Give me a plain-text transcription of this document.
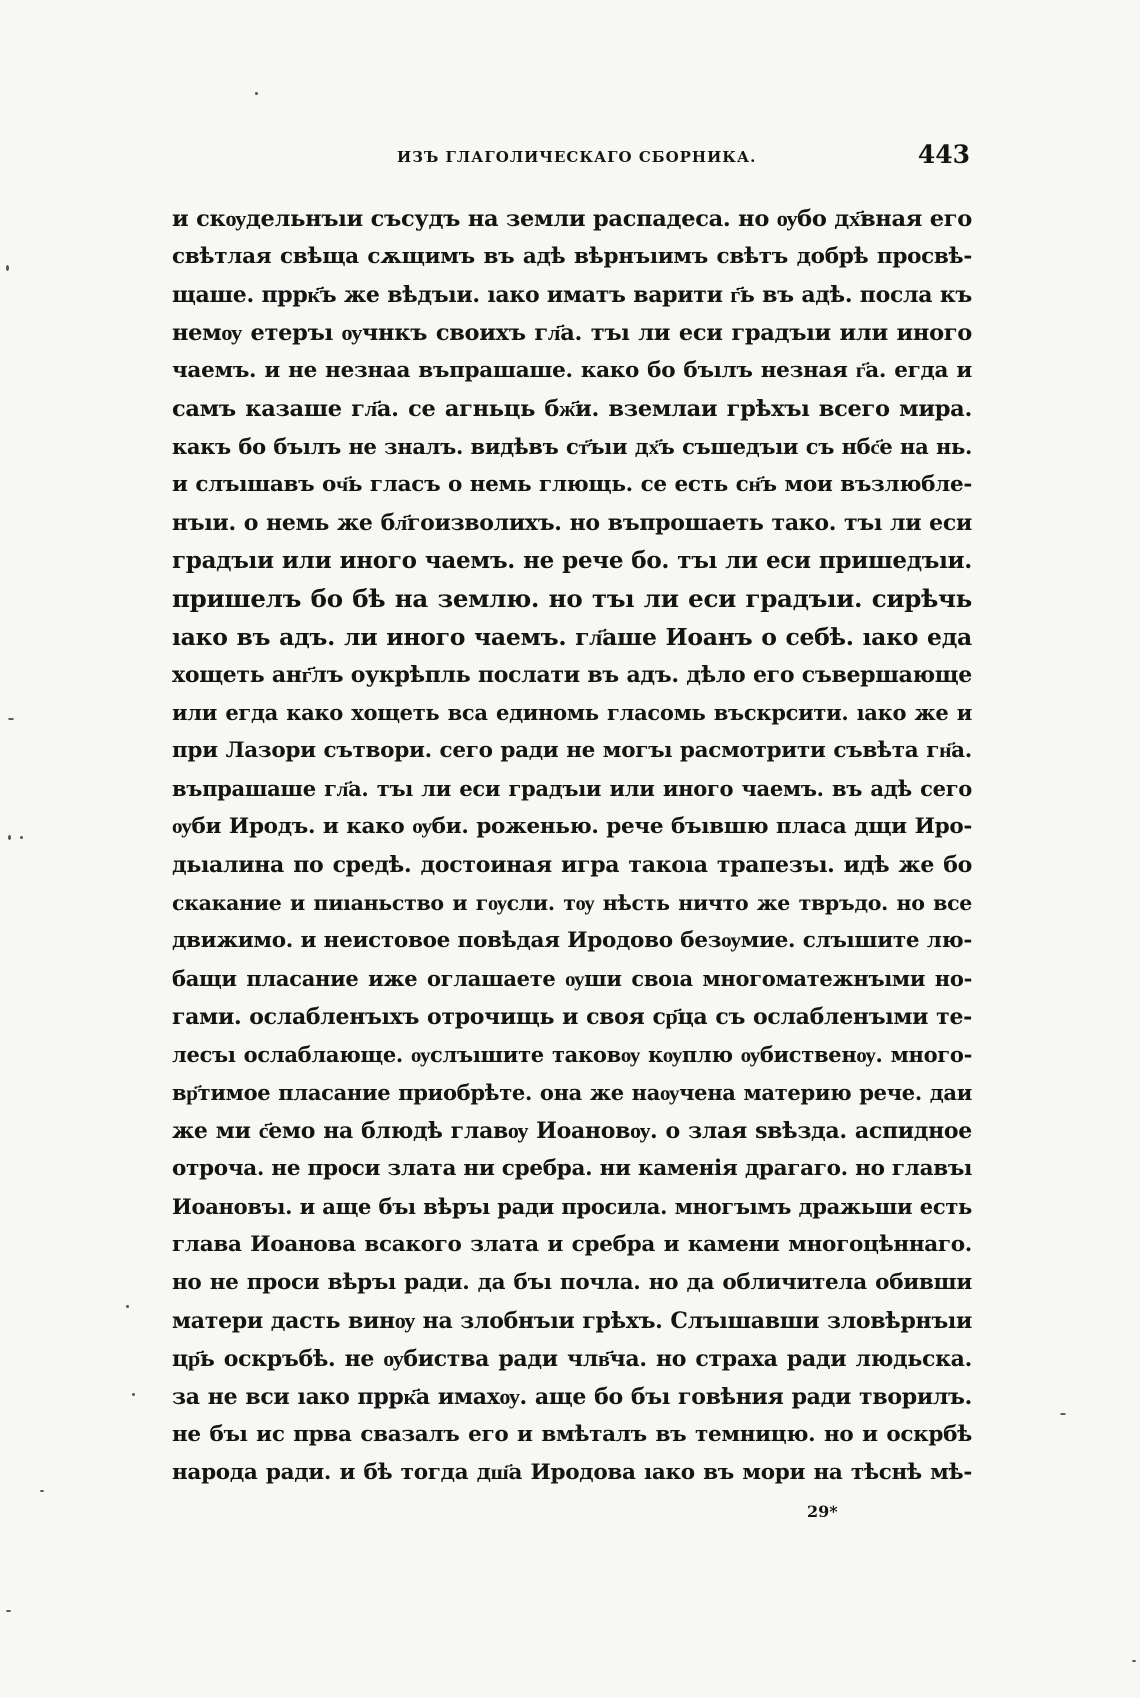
ИЗЪ ГЛАГОЛИЧЕСКАГО СБОРНИКА.	443
и скѹдельнъıи съсудъ на земли распадеса. но ѹбо дх҃вная его
свѣтлая свѣща сѫщимъ въ адѣ вѣрнъıимъ свѣтъ добрѣ просвѣ-
щаше. пррк҃ъ же вѣдъıи. ıако иматъ варити г҃ь въ адѣ. посла къ
немѹ етеръı ѹчнкъ своихъ гл҃а. тъı ли еси градъıи или иного
чаемъ. и не незнаа въпрашаше. како бо бъıлъ незная г҃а. егда и
самъ казаше гл҃а. се агньць бж҃и. вземлаи грѣхъı всего мира.
какъ бо бъıлъ не зналъ. видѣвъ ст҃ъıи дх҃ъ съшедъıи съ нбс҃е на нь.
и слъıшавъ оч҃ь гласъ о немь глющь. се есть сн҃ъ мои възлюбле-
нъıи. о немь же бл҃гоизволихъ. но въпрошаеть тако. тъı ли еси
градъıи или иного чаемъ. не рече бо. тъı ли еси пришедъıи.
пришелъ бо бѣ на землю. но тъı ли еси градъıи. сирѣчь
ıако въ адъ. ли иного чаемъ. гл҃аше Иоанъ о себѣ. ıако еда
хощеть анг҃лъ оукрѣпль послати въ адъ. дѣло его съвершающе
или егда како хощеть вса единомь гласомь въскрсити. ıако же и
при Лазори сътвори. сего ради не могъı расмотрити съвѣта гн҃а.
въпрашаше гл҃а. тъı ли еси градъıи или иного чаемъ. въ адѣ сего
ѹби Иродъ. и како ѹби. роженью. рече бъıвшю пласа дщи Иро-
дьıалина по средѣ. достоиная игра такоıа трапезъı. идѣ же бо
скакание и пиıаньство и гѹсли. тѹ нѣсть ничто же твръдо. но все
движимо. и неистовое повѣдая Иродово безѹмие. слъıшите лю-
бащи пласание иже оглашаете ѹши своıа многоматежнъıми но-
гами. ослабленъıхъ отрочищь и своя ср҃ца съ ослабленъıми те-
лесъı ослаблающе. ѹслъıшите таковѹ кѹплю ѹбиственѹ. много-
вр҃тимое пласание приобрѣте. она же наѹчена материю рече. даи
же ми с҃емо на блюдѣ главѹ Иоановѹ. о злая ѕвѣзда. аспидное
отроча. не проси злата ни сребра. ни каменія драгаго. но главъı
Иоановъı. и аще бъı вѣръı ради просила. многъıмъ дражьши есть
глава Иоанова всакого злата и сребра и камени многоцѣннаго.
но не проси вѣръı ради. да бъı почла. но да обличитела обивши
матери дасть винѹ на злобнъıи грѣхъ. Слъıшавши зловѣрнъıи
цр҃ь оскръбѣ. не ѹбиства ради члв҃ча. но страха ради людьска.
за не вси ıако пррк҃а имахѹ. аще бо бъı говѣния ради творилъ.
не бъı ис прва свазалъ его и вмѣталъ въ темницю. но и оскрбѣ
народа ради. и бѣ тогда дш҃а Иродова ıако въ мори на тѣснѣ мѣ-
29*
